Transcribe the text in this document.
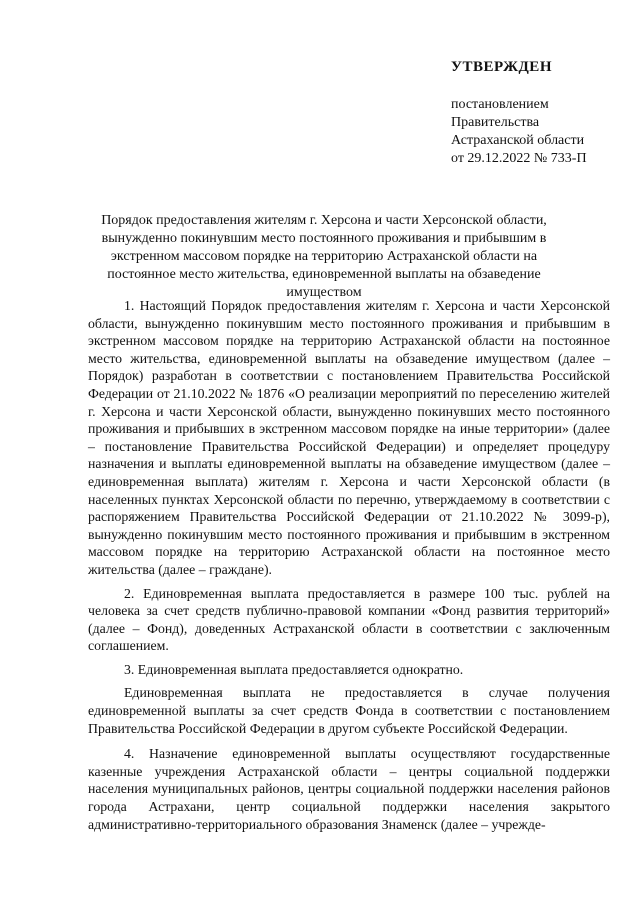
УТВЕРЖДЕН
постановлением
Правительства
Астраханской области
от 29.12.2022 № 733-П
Порядок предоставления жителям г. Херсона и части Херсонской области, вынужденно покинувшим место постоянного проживания и прибывшим в экстренном массовом порядке на территорию Астраханской области на постоянное место жительства, единовременной выплаты на обзаведение имуществом

1. Настоящий Порядок предоставления жителям г. Херсона и части Херсонской области, вынужденно покинувшим место постоянного проживания и прибывшим в экстренном массовом порядке на территорию Астраханской области на постоянное место жительства, единовременной выплаты на обзаведение имуществом (далее – Порядок) разработан в соответствии с постановлением Правительства Российской Федерации от 21.10.2022 № 1876 «О реализации мероприятий по переселению жителей г. Херсона и части Херсонской области, вынужденно покинувших место постоянного проживания и прибывших в экстренном массовом порядке на иные территории» (далее – постановление Правительства Российской Федерации) и определяет процедуру назначения и выплаты единовременной выплаты на обзаведение имуществом (далее – единовременная выплата) жителям г. Херсона и части Херсонской области (в населенных пунктах Херсонской области по перечню, утверждаемому в соответствии с распоряжением Правительства Российской Федерации от 21.10.2022 № 3099-р), вынужденно покинувшим место постоянного проживания и прибывшим в экстренном массовом порядке на территорию Астраханской области на постоянное место жительства (далее – граждане).

2. Единовременная выплата предоставляется в размере 100 тыс. рублей на человека за счет средств публично-правовой компании «Фонд развития территорий» (далее – Фонд), доведенных Астраханской области в соответствии с заключенным соглашением.

3. Единовременная выплата предоставляется однократно.

Единовременная выплата не предоставляется в случае получения единовременной выплаты за счет средств Фонда в соответствии с постановлением Правительства Российской Федерации в другом субъекте Российской Федерации.

4. Назначение единовременной выплаты осуществляют государственные казенные учреждения Астраханской области – центры социальной поддержки населения муниципальных районов, центры социальной поддержки населения районов города Астрахани, центр социальной поддержки населения закрытого административно-территориального образования Знаменск (далее – учрежде-
